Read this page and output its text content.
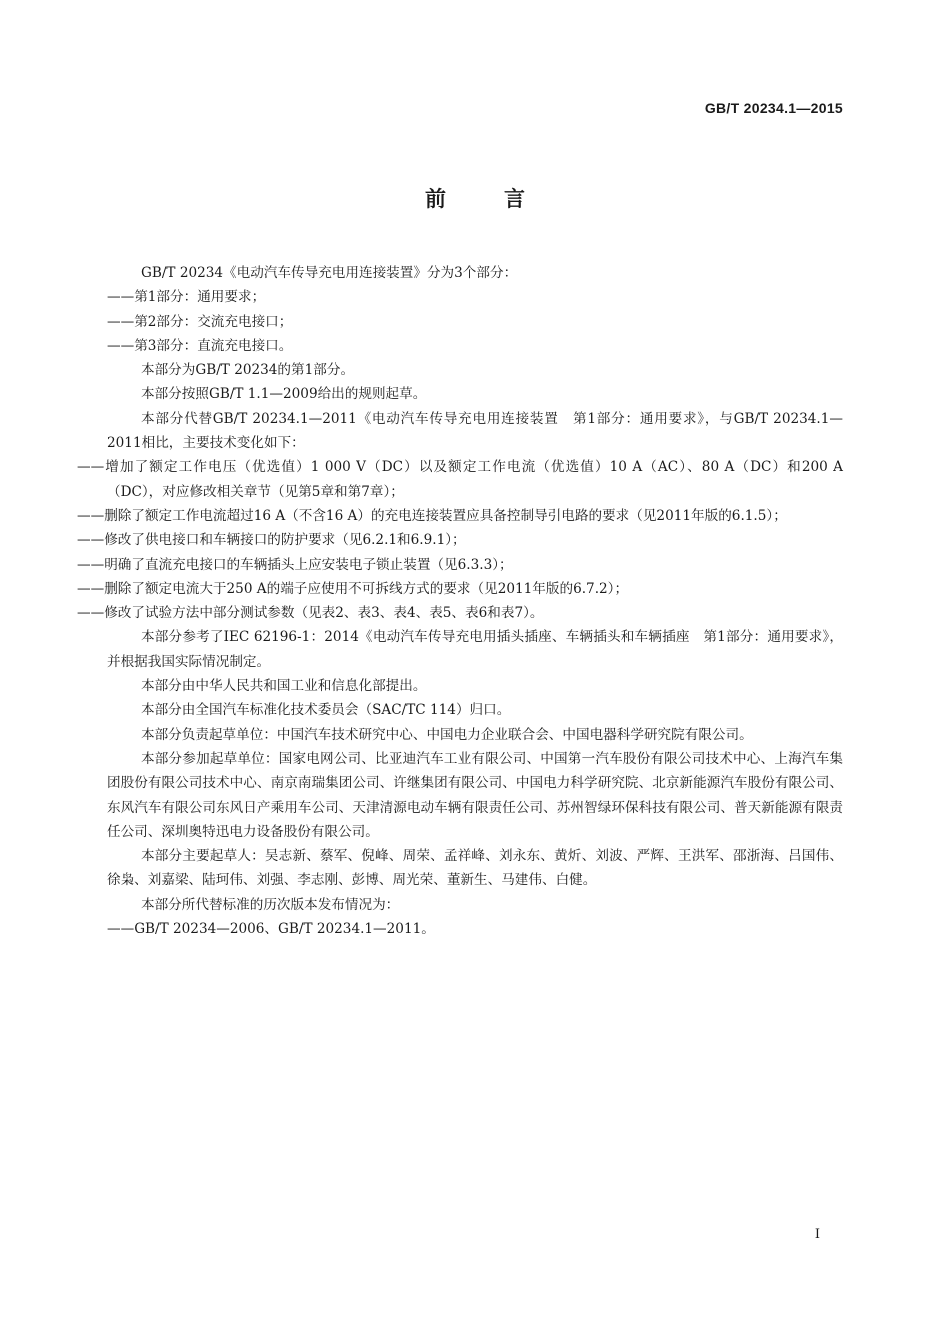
GB/T 20234.1—2015
前言

GB/T 20234《电动汽车传导充电用连接装置》分为3个部分：

——第1部分：通用要求；

——第2部分：交流充电接口；

——第3部分：直流充电接口。

本部分为GB/T 20234的第1部分。

本部分按照GB/T 1.1—2009给出的规则起草。

本部分代替GB/T 20234.1—2011《电动汽车传导充电用连接装置　第1部分：通用要求》，与GB/T 20234.1—2011相比，主要技术变化如下：

——增加了额定工作电压（优选值）1 000 V（DC）以及额定工作电流（优选值）10 A（AC）、80 A（DC）和200 A（DC），对应修改相关章节（见第5章和第7章）；

——删除了额定工作电流超过16 A（不含16 A）的充电连接装置应具备控制导引电路的要求（见2011年版的6.1.5）；

——修改了供电接口和车辆接口的防护要求（见6.2.1和6.9.1）；

——明确了直流充电接口的车辆插头上应安装电子锁止装置（见6.3.3）；

——删除了额定电流大于250 A的端子应使用不可拆线方式的要求（见2011年版的6.7.2）；

——修改了试验方法中部分测试参数（见表2、表3、表4、表5、表6和表7）。

本部分参考了IEC 62196-1：2014《电动汽车传导充电用插头插座、车辆插头和车辆插座　第1部分：通用要求》，并根据我国实际情况制定。

本部分由中华人民共和国工业和信息化部提出。

本部分由全国汽车标准化技术委员会（SAC/TC 114）归口。

本部分负责起草单位：中国汽车技术研究中心、中国电力企业联合会、中国电器科学研究院有限公司。

本部分参加起草单位：国家电网公司、比亚迪汽车工业有限公司、中国第一汽车股份有限公司技术中心、上海汽车集团股份有限公司技术中心、南京南瑞集团公司、许继集团有限公司、中国电力科学研究院、北京新能源汽车股份有限公司、东风汽车有限公司东风日产乘用车公司、天津清源电动车辆有限责任公司、苏州智绿环保科技有限公司、普天新能源有限责任公司、深圳奥特迅电力设备股份有限公司。

本部分主要起草人：吴志新、蔡军、倪峰、周荣、孟祥峰、刘永东、黄炘、刘波、严辉、王洪军、邵浙海、吕国伟、徐枭、刘嘉梁、陆珂伟、刘强、李志刚、彭博、周光荣、董新生、马建伟、白健。

本部分所代替标准的历次版本发布情况为：

——GB/T 20234—2006、GB/T 20234.1—2011。

I
